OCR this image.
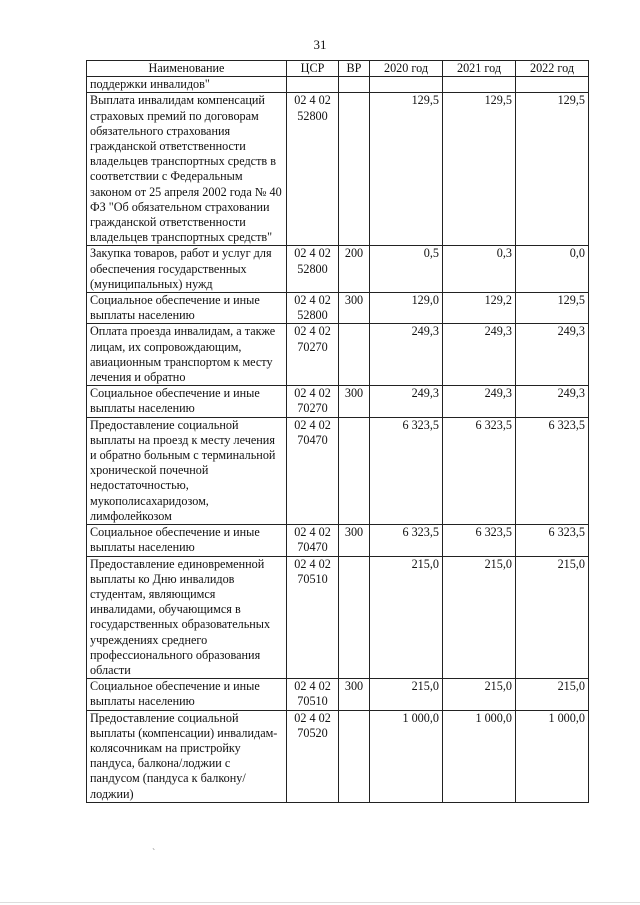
31
Наименование	ЦСР	ВР	2020 год	2021 год	2022 год
поддержки инвалидов"					
Выплата инвалидам компенсаций страховых премий по договорам обязательного страхования гражданской ответственности владельцев транспортных средств в соответствии с Федеральным законом от 25 апреля 2002 года № 40 ФЗ "Об обязательном страховании гражданской ответственности владельцев транспортных средств"	02 4 02 52800		129,5	129,5	129,5
Закупка товаров, работ и услуг для обеспечения государственных (муниципальных) нужд	02 4 02 52800	200	0,5	0,3	0,0
Социальное обеспечение и иные выплаты населению	02 4 02 52800	300	129,0	129,2	129,5
Оплата проезда инвалидам, а также лицам, их сопровождающим, авиационным транспортом к месту лечения и обратно	02 4 02 70270		249,3	249,3	249,3
Социальное обеспечение и иные выплаты населению	02 4 02 70270	300	249,3	249,3	249,3
Предоставление социальной выплаты на проезд к месту лечения и обратно больным с терминальной хронической почечной недостаточностью, мукополисахаридозом, лимфолейкозом	02 4 02 70470		6 323,5	6 323,5	6 323,5
Социальное обеспечение и иные выплаты населению	02 4 02 70470	300	6 323,5	6 323,5	6 323,5
Предоставление единовременной выплаты ко Дню инвалидов студентам, являющимся инвалидами, обучающимся в государственных образовательных учреждениях среднего профессионального образования области	02 4 02 70510		215,0	215,0	215,0
Социальное обеспечение и иные выплаты населению	02 4 02 70510	300	215,0	215,0	215,0
Предоставление социальной выплаты (компенсации) инвалидам-колясочникам на пристройку пандуса, балкона/лоджии с пандусом (пандуса к балкону/лоджии)	02 4 02 70520		1 000,0	1 000,0	1 000,0
`
